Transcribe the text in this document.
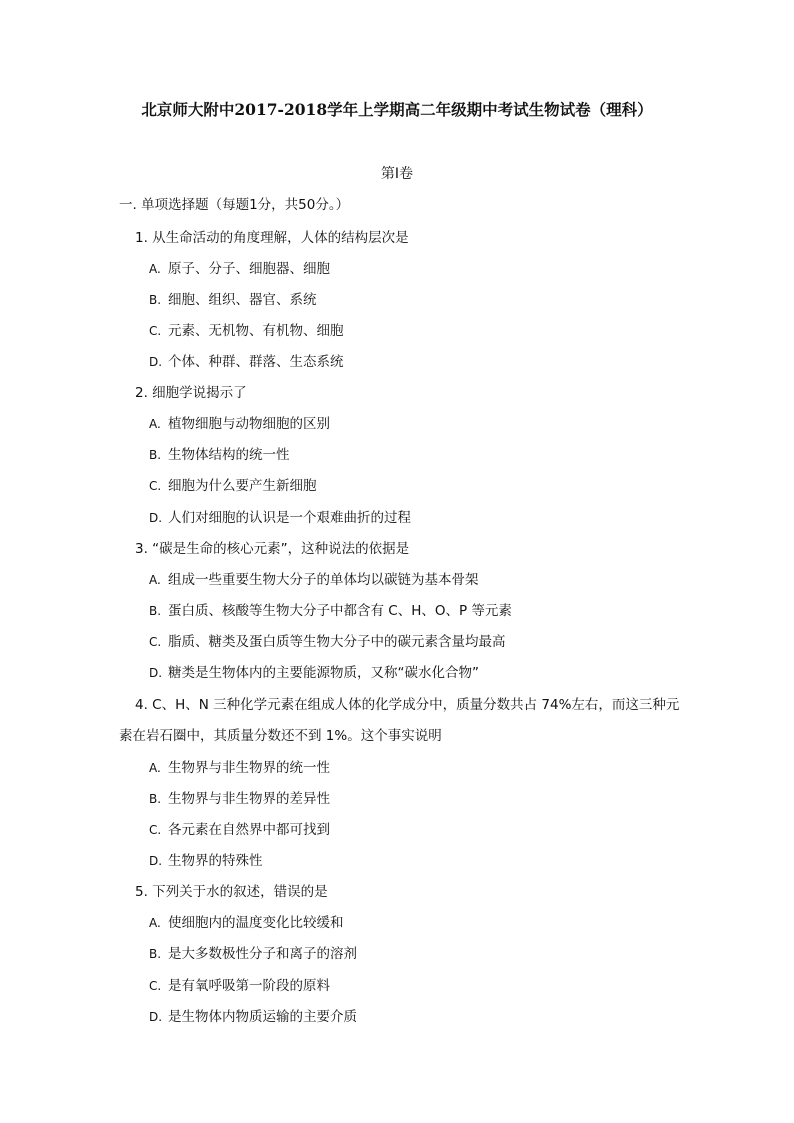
北京师大附中2017-2018学年上学期高二年级期中考试生物试卷（理科）
第I卷
一. 单项选择题（每题1分，共50分。）
1. 从生命活动的角度理解，人体的结构层次是
A. 原子、分子、细胞器、细胞
B. 细胞、组织、器官、系统
C. 元素、无机物、有机物、细胞
D. 个体、种群、群落、生态系统
2. 细胞学说揭示了
A. 植物细胞与动物细胞的区别
B. 生物体结构的统一性
C. 细胞为什么要产生新细胞
D. 人们对细胞的认识是一个艰难曲折的过程
3. “碳是生命的核心元素”，这种说法的依据是
A. 组成一些重要生物大分子的单体均以碳链为基本骨架
B. 蛋白质、核酸等生物大分子中都含有 C、H、O、P 等元素
C. 脂质、糖类及蛋白质等生物大分子中的碳元素含量均最高
D. 糖类是生物体内的主要能源物质，又称“碳水化合物”
4. C、H、N 三种化学元素在组成人体的化学成分中，质量分数共占 74%左右，而这三种元
素在岩石圈中，其质量分数还不到 1%。这个事实说明
A. 生物界与非生物界的统一性
B. 生物界与非生物界的差异性
C. 各元素在自然界中都可找到
D. 生物界的特殊性
5. 下列关于水的叙述，错误的是
A. 使细胞内的温度变化比较缓和
B. 是大多数极性分子和离子的溶剂
C. 是有氧呼吸第一阶段的原料
D. 是生物体内物质运输的主要介质
